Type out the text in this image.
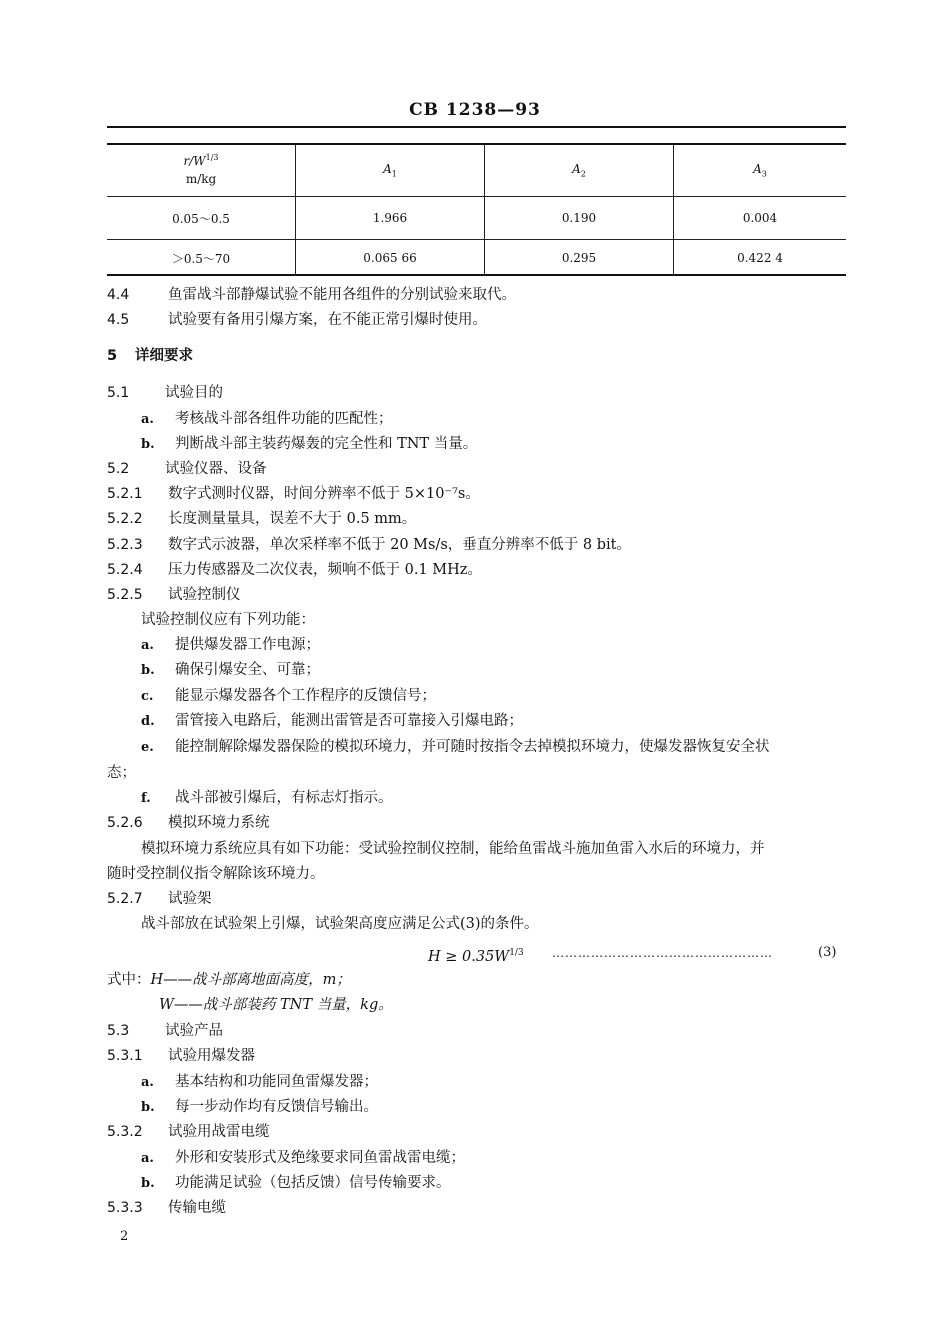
CB 1238—93
$r/W^{1/3}$
m/kg	$A_1$	$A_2$	$A_3$
0.05～0.5	1.966	0.190	0.004
＞0.5～70	0.065 66	0.295	0.422 4
4.4	鱼雷战斗部静爆试验不能用各组件的分别试验来取代。
4.5	试验要有备用引爆方案，在不能正常引爆时使用。
5 详细要求
5.1 试验目的
a. 考核战斗部各组件功能的匹配性；
b. 判断战斗部主装药爆轰的完全性和 TNT 当量。
5.2 试验仪器、设备
5.2.1 数字式测时仪器，时间分辨率不低于 5×10⁻⁷s。
5.2.2 长度测量量具，误差不大于 0.5 mm。
5.2.3 数字式示波器，单次采样率不低于 20 Ms/s，垂直分辨率不低于 8 bit。
5.2.4 压力传感器及二次仪表，频响不低于 0.1 MHz。
5.2.5 试验控制仪
试验控制仪应有下列功能：
a. 提供爆发器工作电源；
b. 确保引爆安全、可靠；
c. 能显示爆发器各个工作程序的反馈信号；
d. 雷管接入电路后，能测出雷管是否可靠接入引爆电路；
e. 能控制解除爆发器保险的模拟环境力，并可随时按指令去掉模拟环境力，使爆发器恢复安全状
态；
f. 战斗部被引爆后，有标志灯指示。
5.2.6 模拟环境力系统
模拟环境力系统应具有如下功能：受试验控制仪控制，能给鱼雷战斗施加鱼雷入水后的环境力，并
随时受控制仪指令解除该环境力。
5.2.7 试验架
战斗部放在试验架上引爆，试验架高度应满足公式(3)的条件。
$H \ge 0.35W^{1/3}$ ……………………………………………	(3)
式中：H——战斗部离地面高度，m；
W——战斗部装药 TNT 当量，kg。
5.3 试验产品
5.3.1 试验用爆发器
a. 基本结构和功能同鱼雷爆发器；
b. 每一步动作均有反馈信号输出。
5.3.2 试验用战雷电缆
a. 外形和安装形式及绝缘要求同鱼雷战雷电缆；
b. 功能满足试验（包括反馈）信号传输要求。
5.3.3 传输电缆
2
